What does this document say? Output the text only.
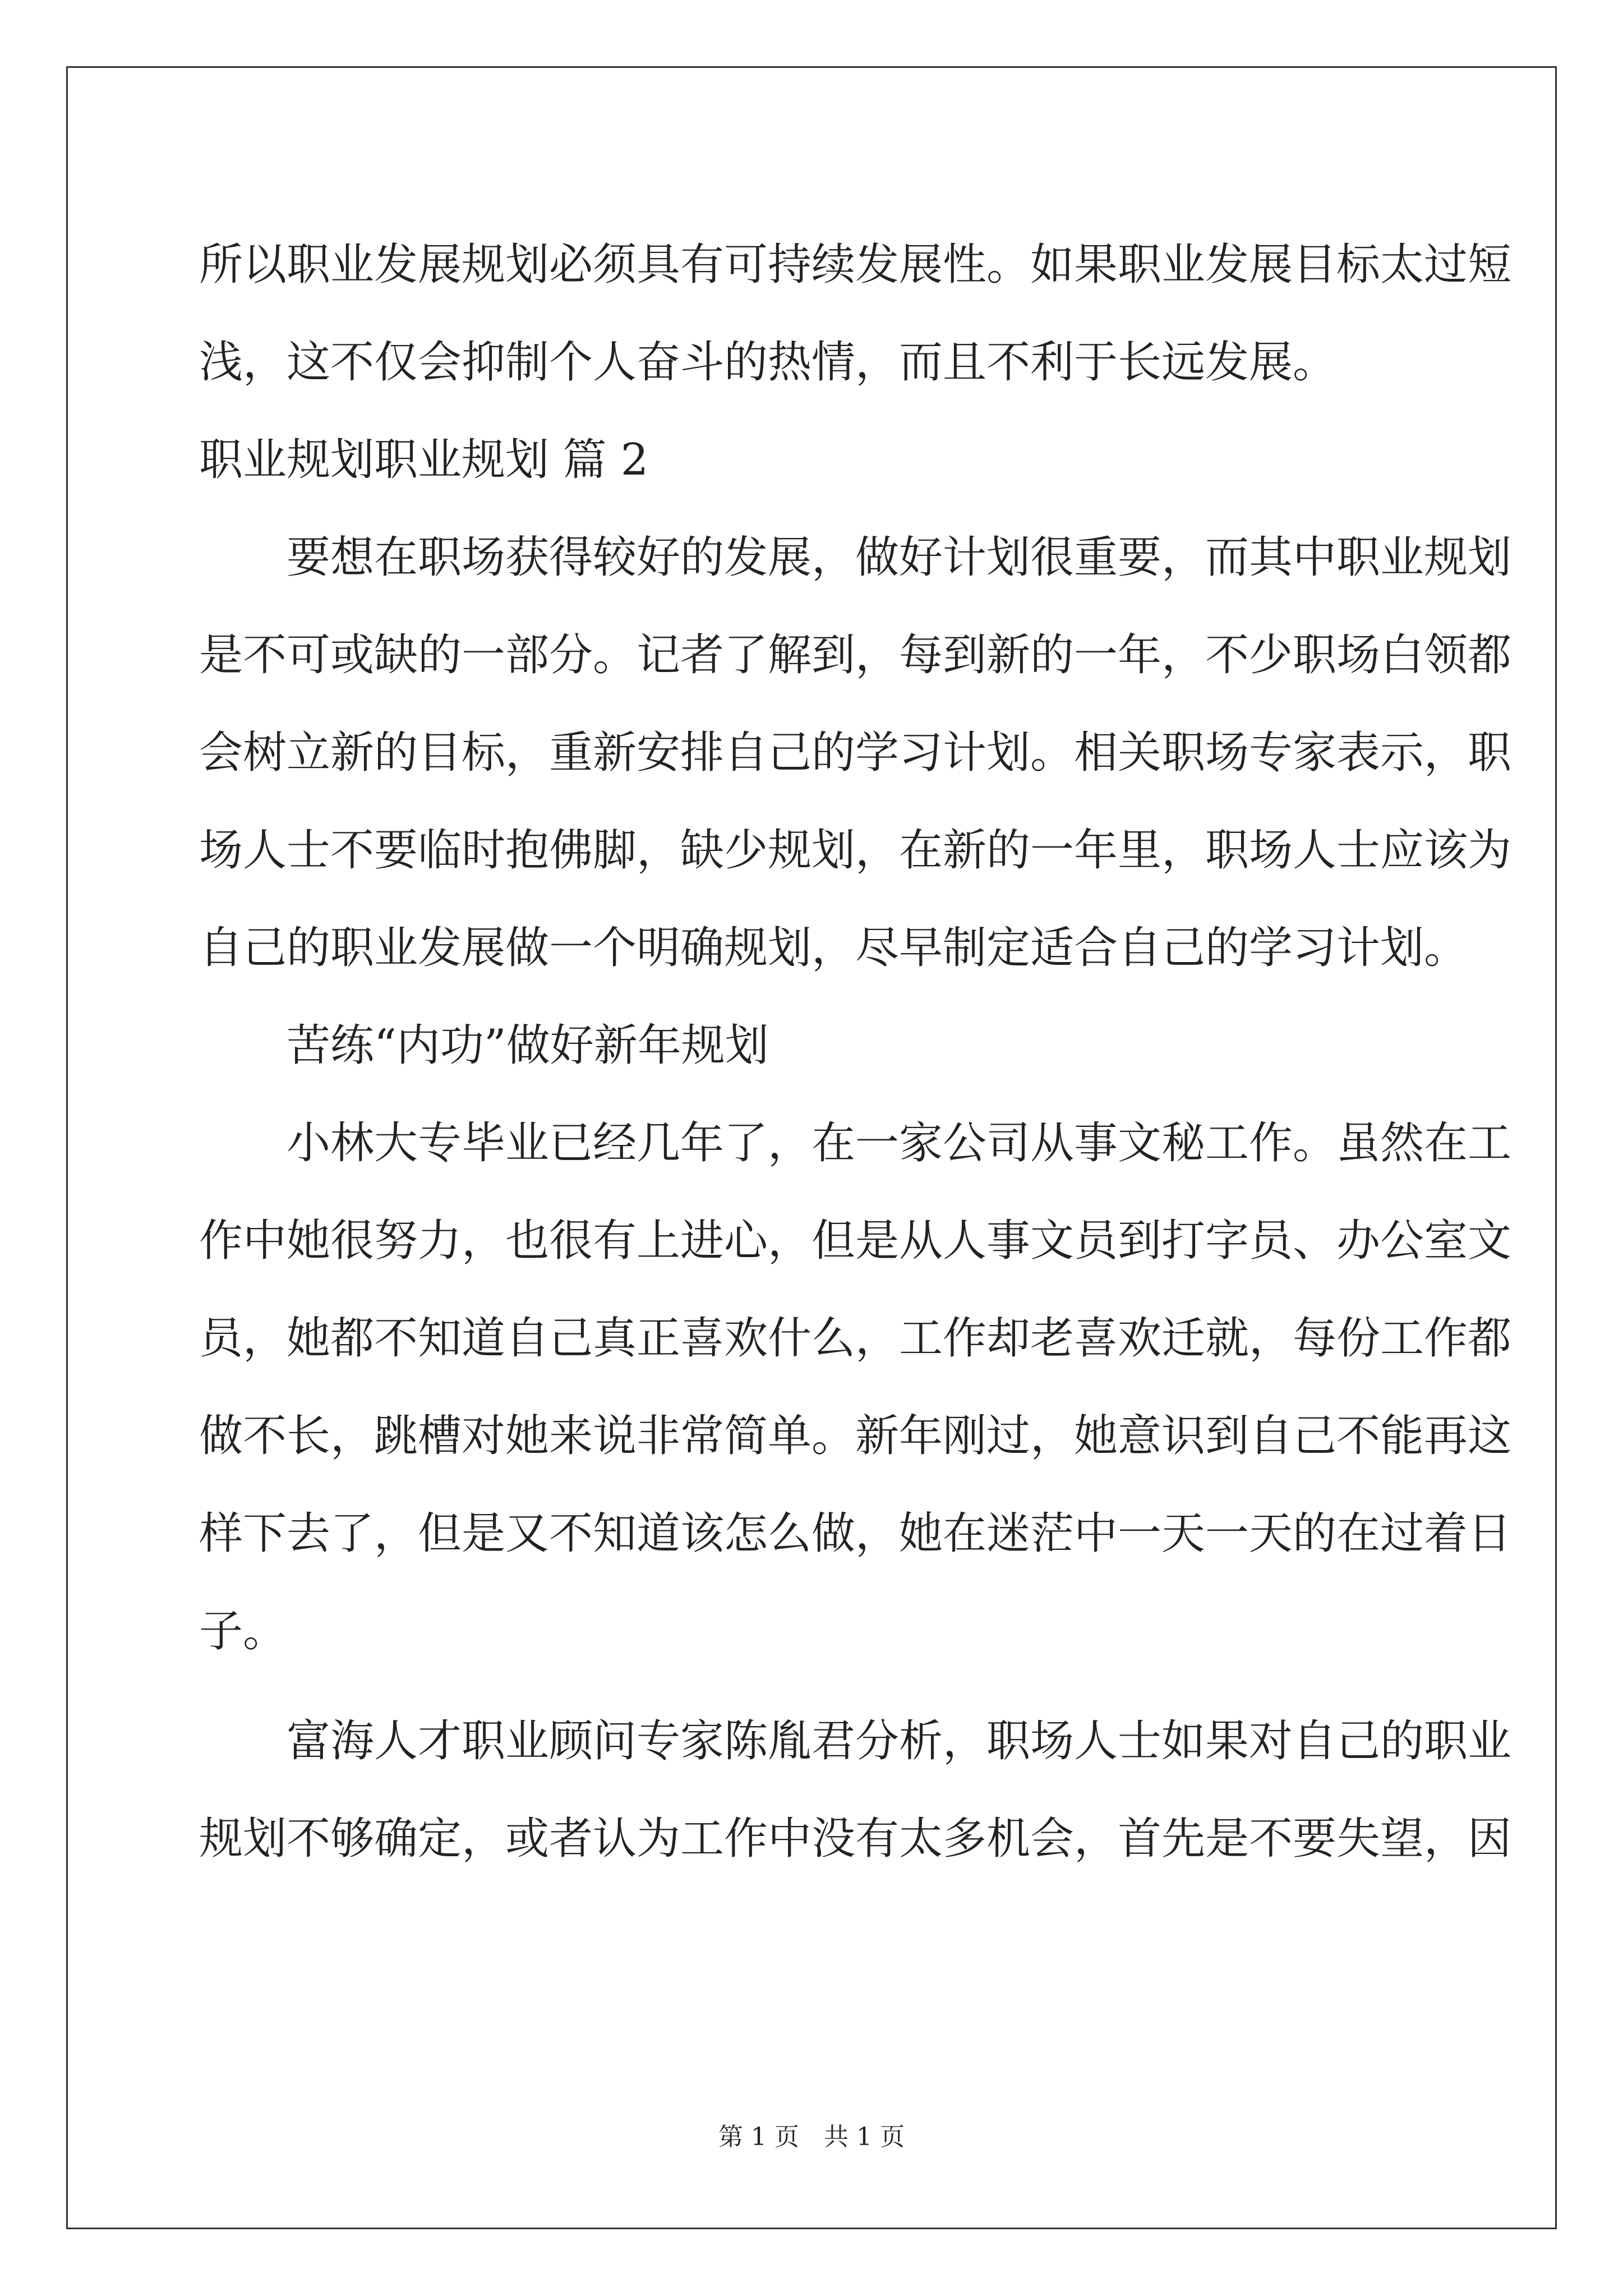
所以职业发展规划必须具有可持续发展性。如果职业发展目标太过短
浅，这不仅会抑制个人奋斗的热情，而且不利于长远发展。
职业规划职业规划 篇 2
要想在职场获得较好的发展，做好计划很重要，而其中职业规划
是不可或缺的一部分。记者了解到，每到新的一年，不少职场白领都
会树立新的目标，重新安排自己的学习计划。相关职场专家表示，职
场人士不要临时抱佛脚，缺少规划，在新的一年里，职场人士应该为
自己的职业发展做一个明确规划，尽早制定适合自己的学习计划。
苦练“内功”做好新年规划
小林大专毕业已经几年了，在一家公司从事文秘工作。虽然在工
作中她很努力，也很有上进心，但是从人事文员到打字员、办公室文
员，她都不知道自己真正喜欢什么，工作却老喜欢迁就，每份工作都
做不长，跳槽对她来说非常简单。新年刚过，她意识到自己不能再这
样下去了，但是又不知道该怎么做，她在迷茫中一天一天的在过着日
子。
富海人才职业顾问专家陈胤君分析，职场人士如果对自己的职业
规划不够确定，或者认为工作中没有太多机会，首先是不要失望，因
第 1 页　共 1 页
